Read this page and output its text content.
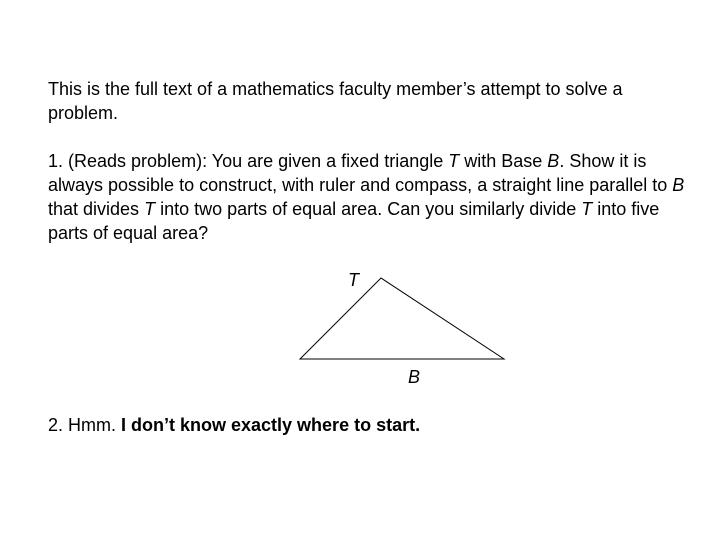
This is the full text of a mathematics faculty member’s attempt to solve a problem.

1. (Reads problem): You are given a fixed triangle T with Base B. Show it is always possible to construct, with ruler and compass, a straight line parallel to B that divides T into two parts of equal area. Can you similarly divide T into five parts of equal area?

T
B

2. Hmm. I don’t know exactly where to start.
